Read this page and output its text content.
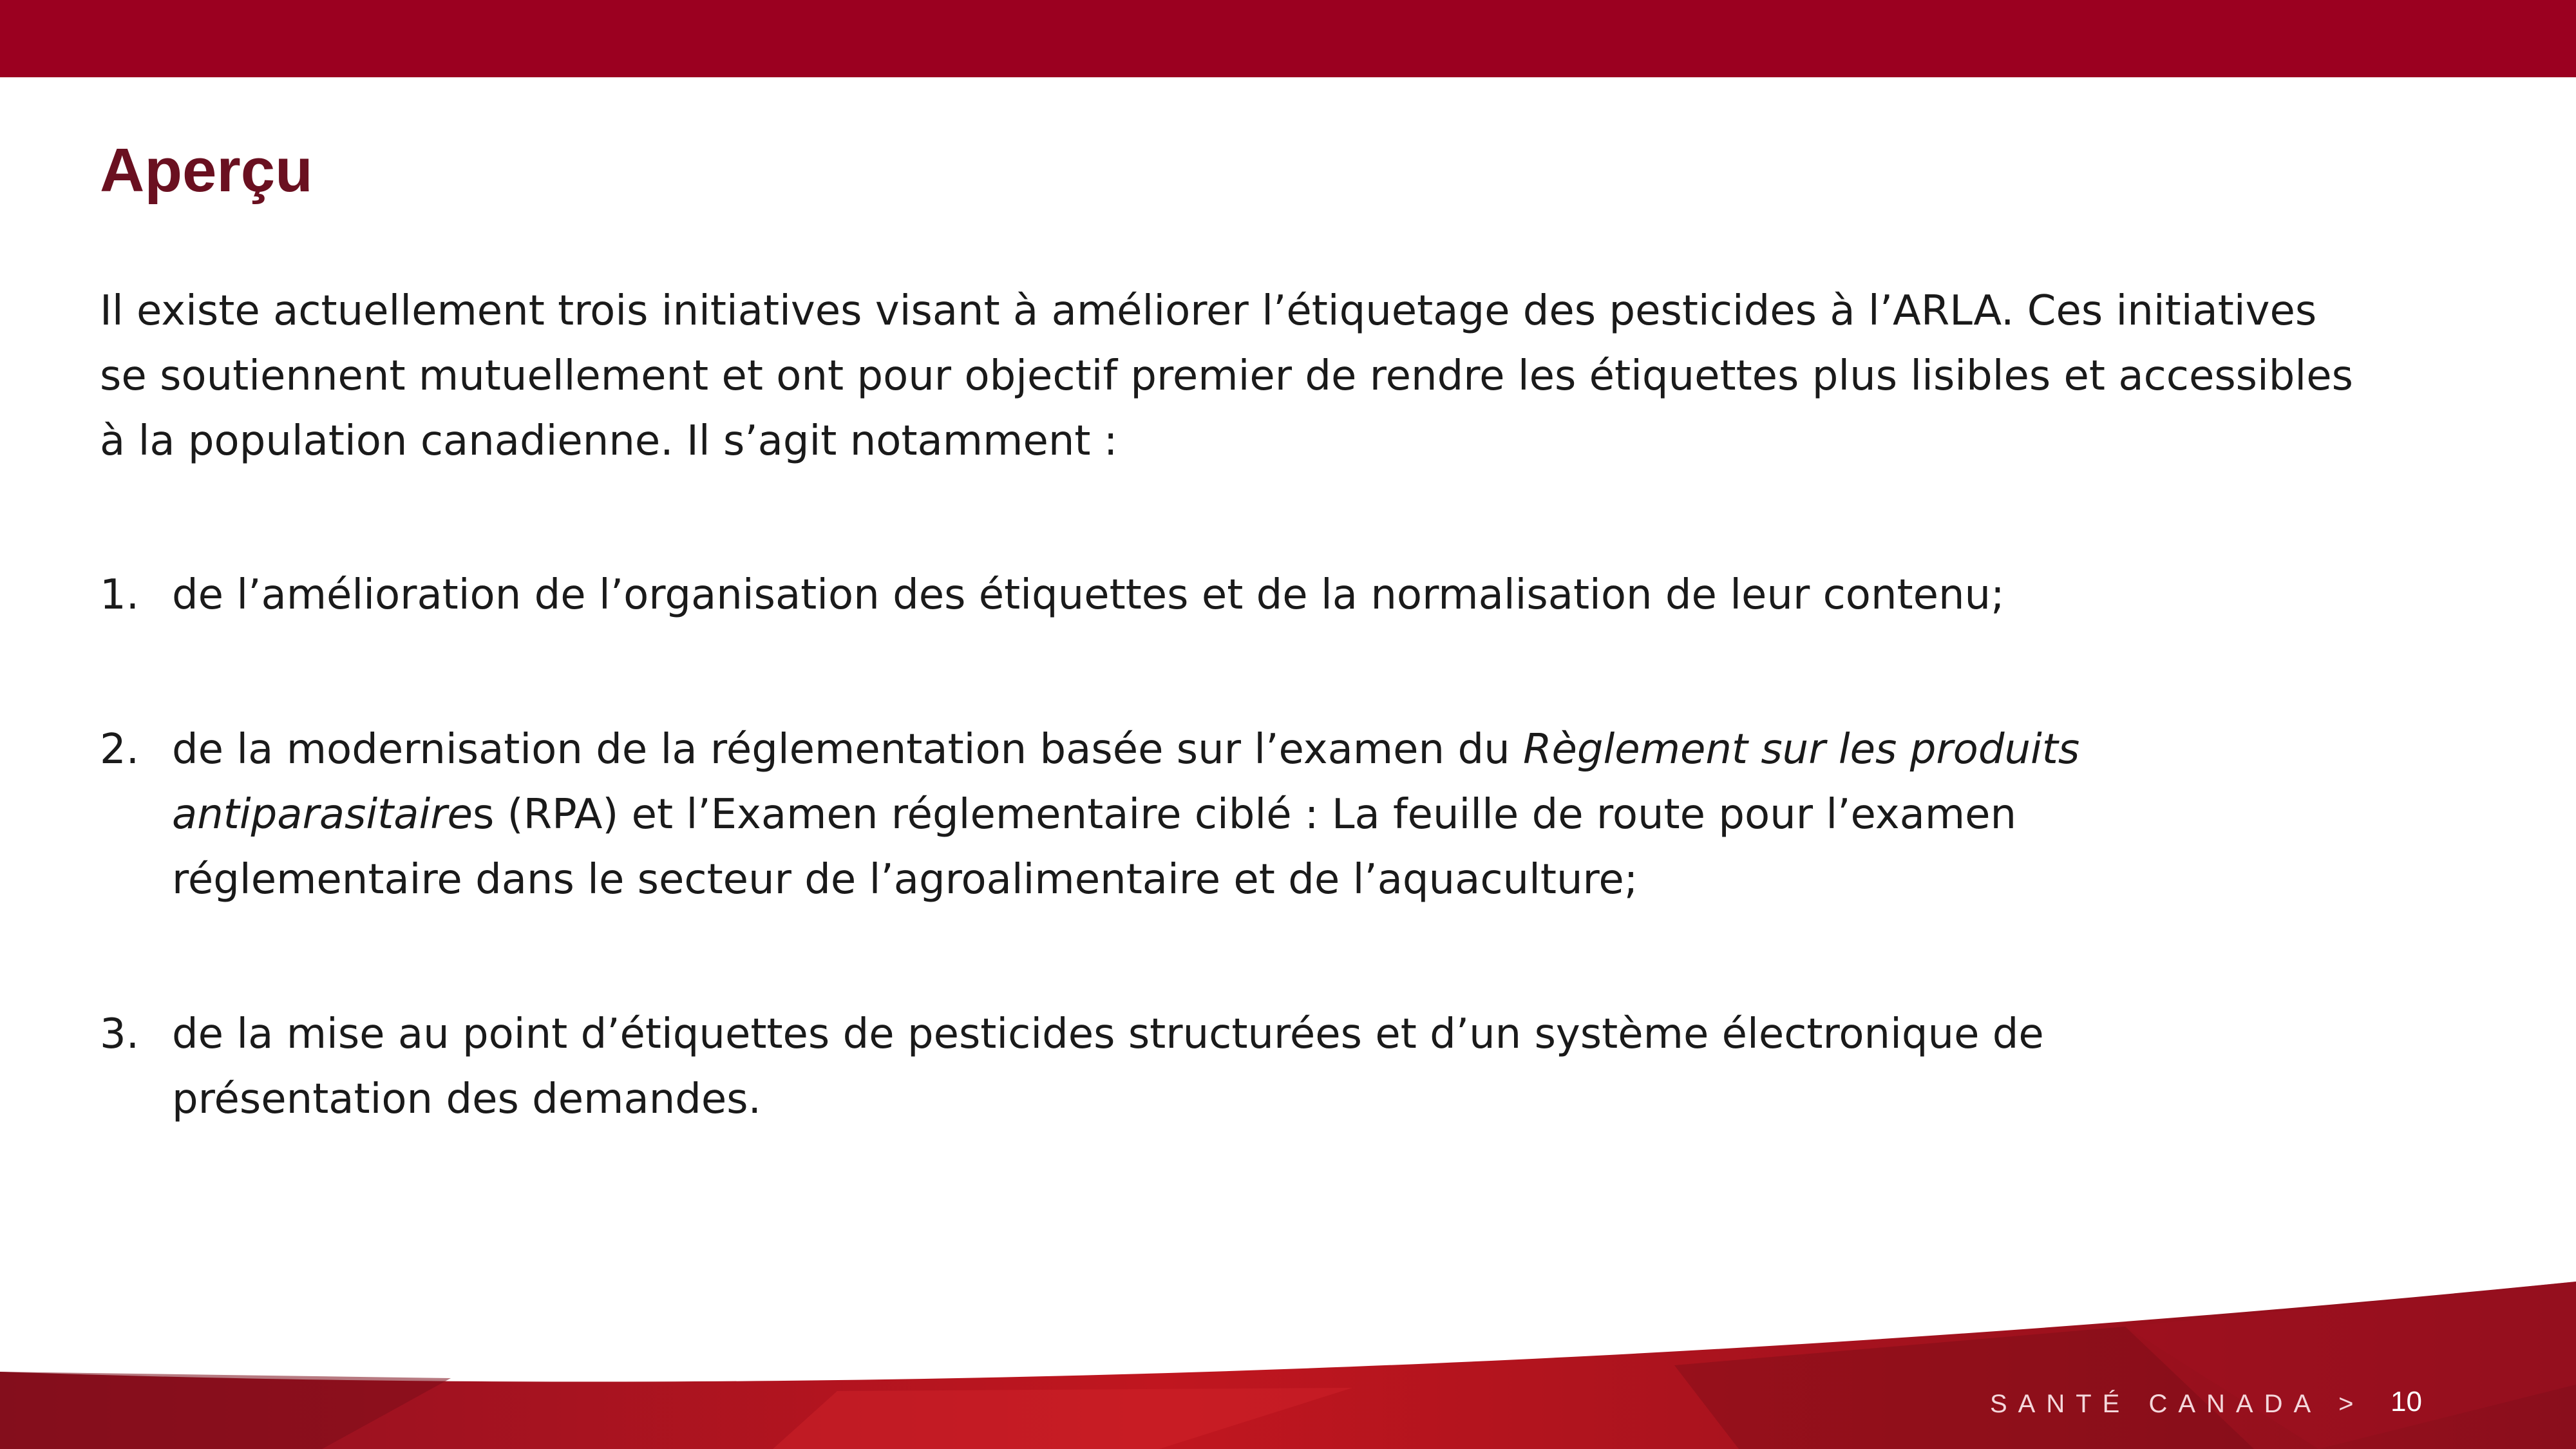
Aperçu

Il existe actuellement trois initiatives visant à améliorer l’étiquetage des pesticides à l’ARLA. Ces initiatives se soutiennent mutuellement et ont pour objectif premier de rendre les étiquettes plus lisibles et accessibles à la population canadienne. Il s’agit notamment :

1. de l’amélioration de l’organisation des étiquettes et de la normalisation de leur contenu;
2. de la modernisation de la réglementation basée sur l’examen du Règlement sur les produits antiparasitaires (RPA) et l’Examen réglementaire ciblé : La feuille de route pour l’examen réglementaire dans le secteur de l’agroalimentaire et de l’aquaculture;
3. de la mise au point d’étiquettes de pesticides structurées et d’un système électronique de présentation des demandes.
SANTÉ CANADA > 10
